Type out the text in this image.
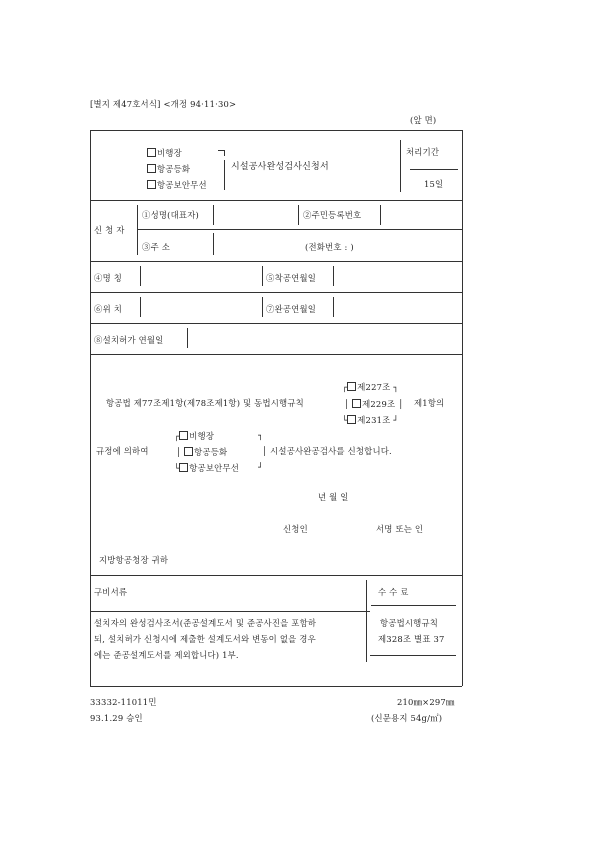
[별지 제47호서식] <개정 94·11·30>
(앞 면)
비행장
항공등화
항공보안무선
시설공사완성검사신청서
처리기간
15일
신 청 자
①성명(대표자)	②주민등록번호
③주 소	(전화번호 : )
④명 칭	⑤착공연월일
⑥위 치	⑦완공연월일
⑧설치허가 연월일
┌ 제227조 ┐
항공법 제77조제1항(제78조제1항) 및 동법시행규칙	│ 제229조 │ 제1항의
└ 제231조 ┘
┌ 비행장	┐
규정에 의하여	│ 항공등화	│ 시설공사완공검사를 신청합니다.
└ 항공보안무선 ┘
년 월 일
신청인	서명 또는 인
지방항공청장 귀하
구비서류	수 수 료
설치자의 완성검사조서(준공설계도서 및 준공사진을 포함하
되, 설치허가 신청시에 제출한 설계도서와 변동이 없을 경우
에는 준공설계도서를 제외합니다) 1부.
항공법시행규칙
제328조 별표 37
33332-11011민
93.1.29 승인
210㎜×297㎜
(신문용지 54g/㎡)
